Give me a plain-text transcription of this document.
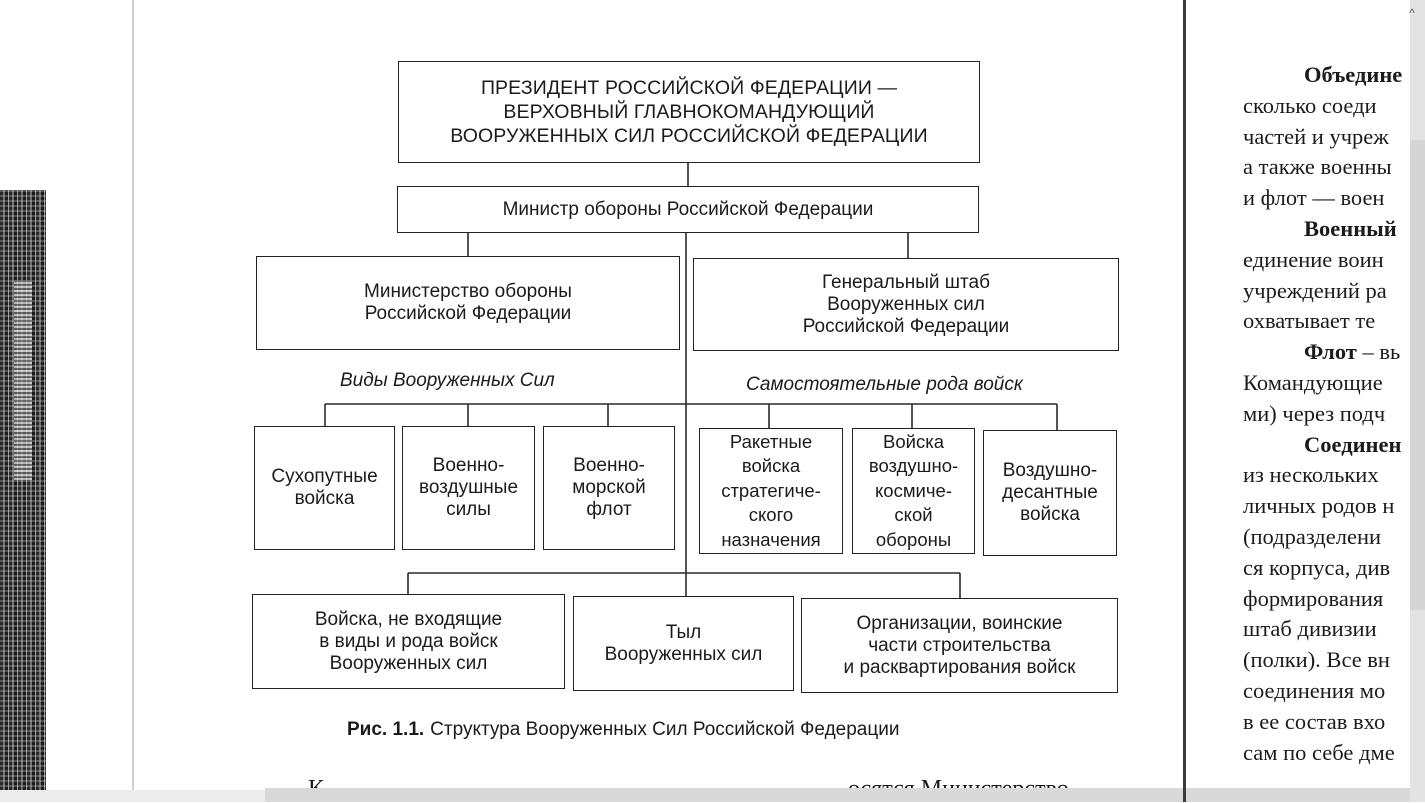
ПРЕЗИДЕНТ РОССИЙСКОЙ ФЕДЕРАЦИИ —
ВЕРХОВНЫЙ ГЛАВНОКОМАНДУЮЩИЙ
ВООРУЖЕННЫХ СИЛ РОССИЙСКОЙ ФЕДЕРАЦИИ
Министр обороны Российской Федерации
Министерство обороны
Российской Федерации
Генеральный штаб
Вооруженных сил
Российской Федерации
Виды Вооруженных Сил	Самостоятельные рода войск
Сухопутные
войска
Военно-
воздушные
силы
Военно-
морской
флот
Ракетные
войска
стратегиче-
ского
назначения
Войска
воздушно-
космиче-
ской
обороны
Воздушно-
десантные
войска
Войска, не входящие
в виды и рода войск
Вооруженных сил
Тыл
Вооруженных сил
Организации, воинские
части строительства
и расквартирования войск
Рис. 1.1. Структура Вооруженных Сил Российской Федерации
Объедине
сколько соеди
частей и учреж
а также военны
и флот — воен
Военный
единение воин
учреждений ра
охватывает те
Флот – вь
Командующие
ми) через подч
Соединен
из нескольких
личных родов н
(подразделени
ся корпуса, див
формирования
штаб дивизии
(полки). Все вн
соединения мо
в ее состав вхо
сам по себе дме
^
